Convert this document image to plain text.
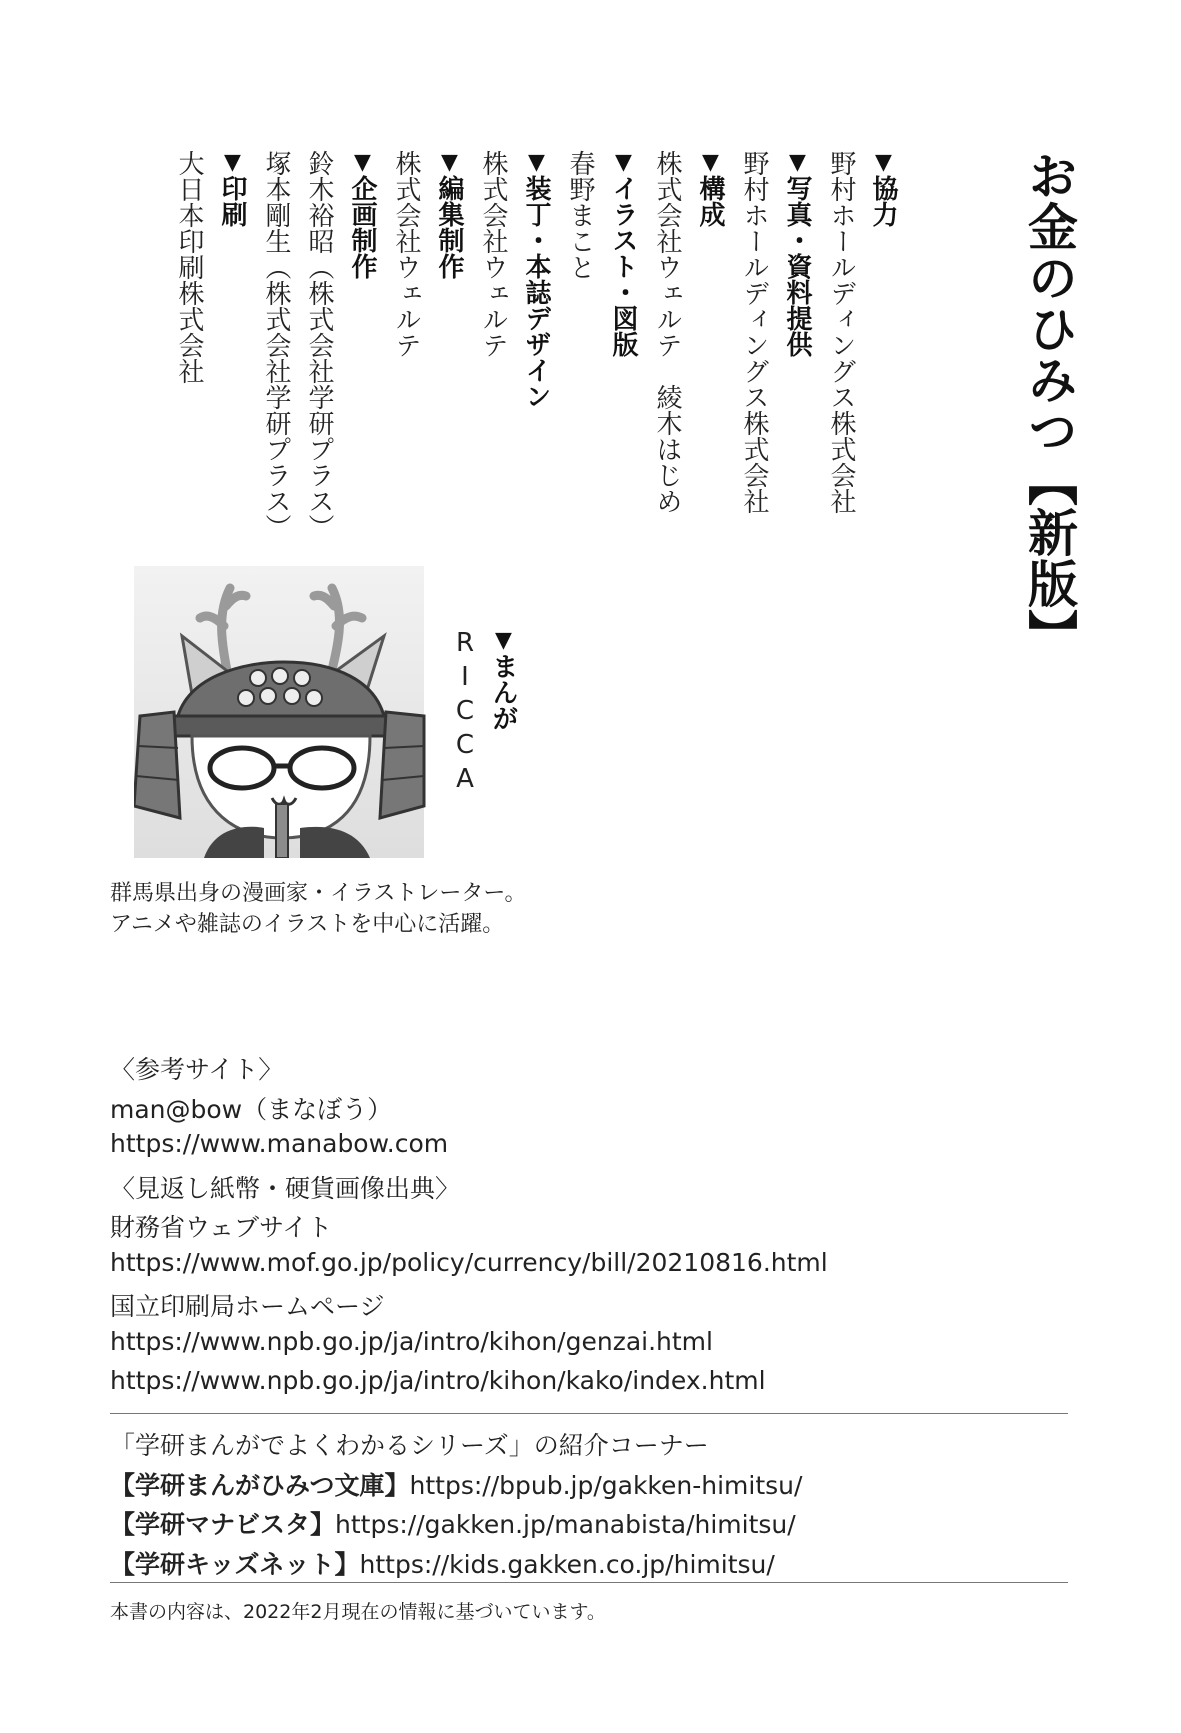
お金のひみつ【新版】
▼協力
野村ホールディングス株式会社
▼写真・資料提供
野村ホールディングス株式会社
▼構成
株式会社ウェルテ　綾木はじめ
▼イラスト・図版
春野まこと
▼装丁・本誌デザイン
株式会社ウェルテ
▼編集制作
株式会社ウェルテ
▼企画制作
鈴木裕昭（株式会社学研プラス）
塚本剛生（株式会社学研プラス）
▼印刷
大日本印刷株式会社
▼まんが
RICCA
群馬県出身の漫画家・イラストレーター。
アニメや雑誌のイラストを中心に活躍。
〈参考サイト〉
man@bow（まなぼう）
https://www.manabow.com
〈見返し紙幣・硬貨画像出典〉
財務省ウェブサイト
https://www.mof.go.jp/policy/currency/bill/20210816.html
国立印刷局ホームページ
https://www.npb.go.jp/ja/intro/kihon/genzai.html
https://www.npb.go.jp/ja/intro/kihon/kako/index.html
「学研まんがでよくわかるシリーズ」の紹介コーナー
【学研まんがひみつ文庫】https://bpub.jp/gakken-himitsu/
【学研マナビスタ】https://gakken.jp/manabista/himitsu/
【学研キッズネット】https://kids.gakken.co.jp/himitsu/
本書の内容は、2022年2月現在の情報に基づいています。
